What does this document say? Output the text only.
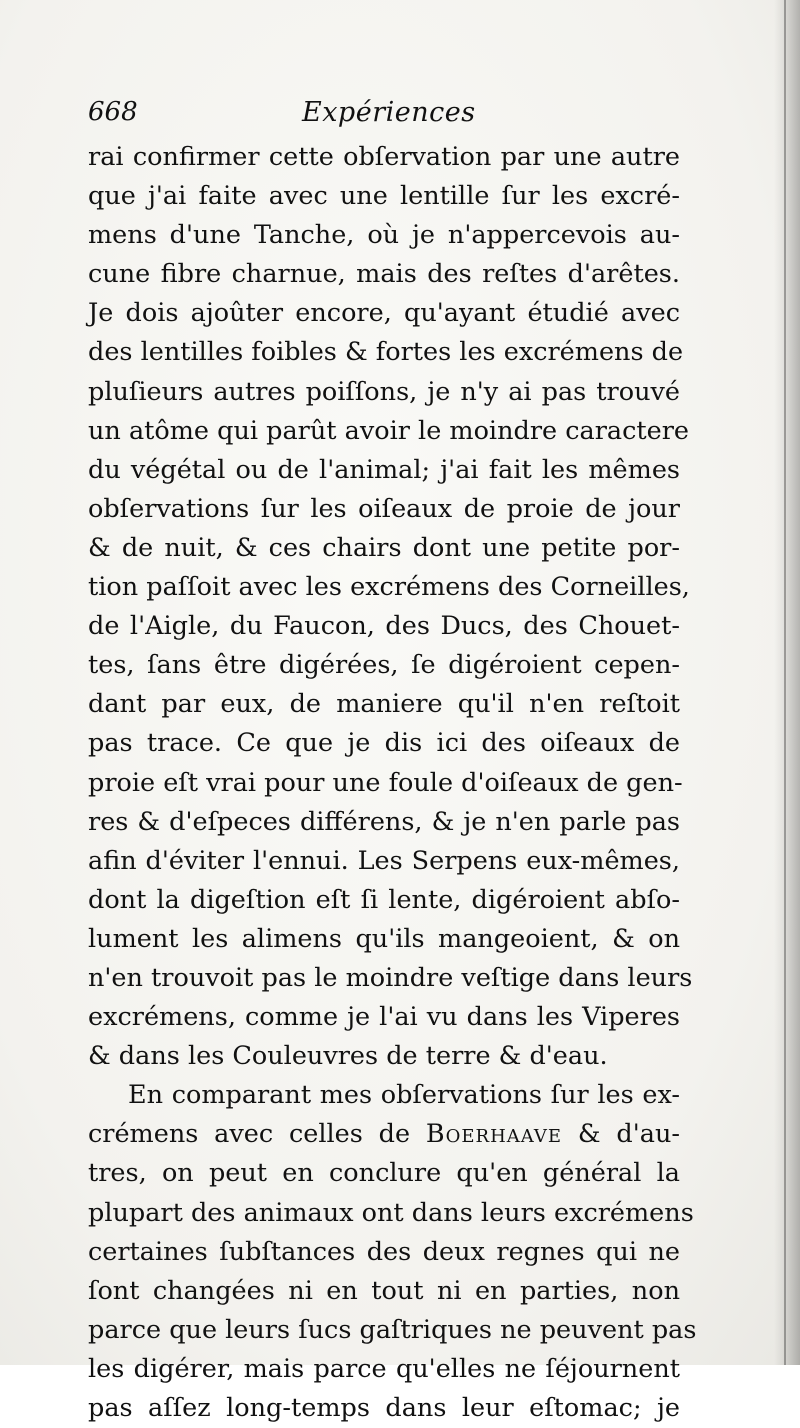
668	Expériences
rai confirmer cette obſervation par une autre
que j'ai faite avec une lentille ſur les excré-
mens d'une Tanche, où je n'appercevois au-
cune fibre charnue, mais des reſtes d'arêtes.
Je dois ajoûter encore, qu'ayant étudié avec
des lentilles foibles & fortes les excrémens de
pluſieurs autres poiſſons, je n'y ai pas trouvé
un atôme qui parût avoir le moindre caractere
du végétal ou de l'animal; j'ai fait les mêmes
obſervations ſur les oiſeaux de proie de jour
& de nuit, & ces chairs dont une petite por-
tion paſſoit avec les excrémens des Corneilles,
de l'Aigle, du Faucon, des Ducs, des Chouet-
tes, ſans être digérées, ſe digéroient cepen-
dant par eux, de maniere qu'il n'en reſtoit
pas trace. Ce que je dis ici des oiſeaux de
proie eſt vrai pour une foule d'oiſeaux de gen-
res & d'eſpeces différens, & je n'en parle pas
afin d'éviter l'ennui. Les Serpens eux-mêmes,
dont la digeſtion eſt ſi lente, digéroient abſo-
lument les alimens qu'ils mangeoient, & on
n'en trouvoit pas le moindre veſtige dans leurs
excrémens, comme je l'ai vu dans les Viperes
& dans les Couleuvres de terre & d'eau.
En comparant mes obſervations ſur les ex-
crémens avec celles de Boerhaave & d'au-
tres, on peut en conclure qu'en général la
plupart des animaux ont dans leurs excrémens
certaines ſubſtances des deux regnes qui ne
ſont changées ni en tout ni en parties, non
parce que leurs ſucs gaſtriques ne peuvent pas
les digérer, mais parce qu'elles ne ſéjournent
pas aſſez long-temps dans leur eſtomac; je
